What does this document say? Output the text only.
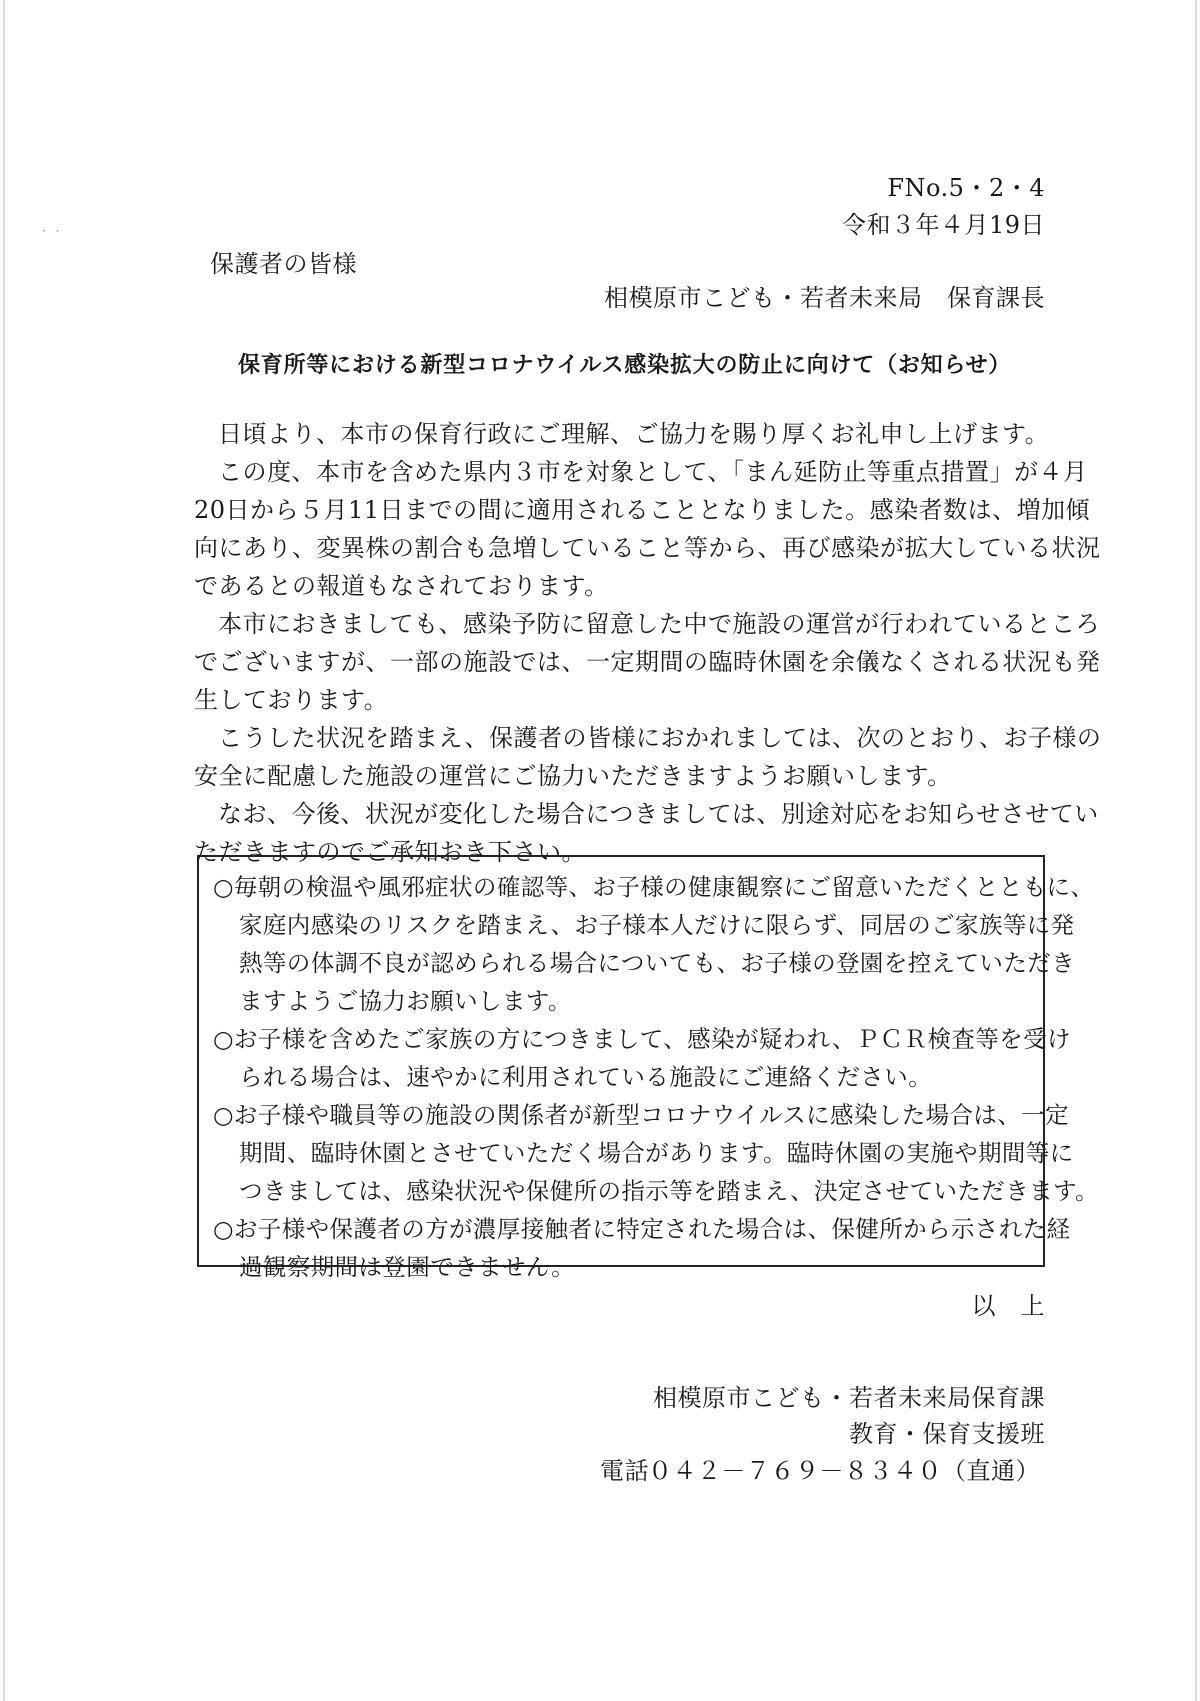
· ·
FNo.5・2・4
令和３年４月19日
保護者の皆様
相模原市こども・若者未来局　保育課長
保育所等における新型コロナウイルス感染拡大の防止に向けて（お知らせ）
日頃より、本市の保育行政にご理解、ご協力を賜り厚くお礼申し上げます。
この度、本市を含めた県内３市を対象として、「まん延防止等重点措置」が４月
20日から５月11日までの間に適用されることとなりました。感染者数は、増加傾
向にあり、変異株の割合も急増していること等から、再び感染が拡大している状況
であるとの報道もなされております。
本市におきましても、感染予防に留意した中で施設の運営が行われているところ
でございますが、一部の施設では、一定期間の臨時休園を余儀なくされる状況も発
生しております。
こうした状況を踏まえ、保護者の皆様におかれましては、次のとおり、お子様の
安全に配慮した施設の運営にご協力いただきますようお願いします。
なお、今後、状況が変化した場合につきましては、別途対応をお知らせさせてい
ただきますのでご承知おき下さい。
○毎朝の検温や風邪症状の確認等、お子様の健康観察にご留意いただくとともに、
家庭内感染のリスクを踏まえ、お子様本人だけに限らず、同居のご家族等に発
熱等の体調不良が認められる場合についても、お子様の登園を控えていただき
ますようご協力お願いします。
○お子様を含めたご家族の方につきまして、感染が疑われ、ＰＣＲ検査等を受け
られる場合は、速やかに利用されている施設にご連絡ください。
○お子様や職員等の施設の関係者が新型コロナウイルスに感染した場合は、一定
期間、臨時休園とさせていただく場合があります。臨時休園の実施や期間等に
つきましては、感染状況や保健所の指示等を踏まえ、決定させていただきます。
○お子様や保護者の方が濃厚接触者に特定された場合は、保健所から示された経
過観察期間は登園できません。
以　上
相模原市こども・若者未来局保育課
教育・保育支援班
電話 ０４２－７６９－８３４０（直通）
